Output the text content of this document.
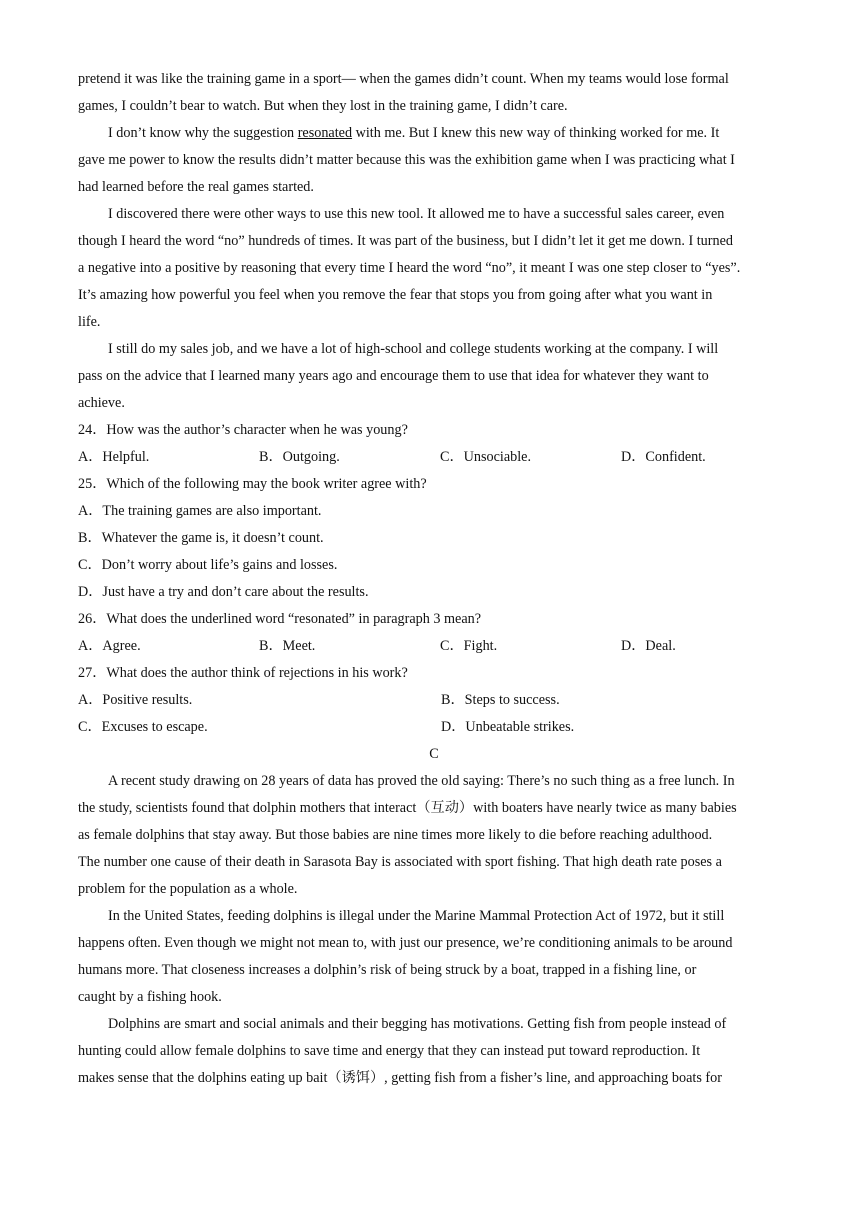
pretend it was like the training game in a sport— when the games didn’t count. When my teams would lose formal
games, I couldn’t bear to watch. But when they lost in the training game, I didn’t care.
I don’t know why the suggestion resonated with me. But I knew this new way of thinking worked for me. It
gave me power to know the results didn’t matter because this was the exhibition game when I was practicing what I
had learned before the real games started.
I discovered there were other ways to use this new tool. It allowed me to have a successful sales career, even
though I heard the word “no” hundreds of times. It was part of the business, but I didn’t let it get me down. I turned
a negative into a positive by reasoning that every time I heard the word “no”, it meant I was one step closer to “yes”.
It’s amazing how powerful you feel when you remove the fear that stops you from going after what you want in
life.
I still do my sales job, and we have a lot of high-school and college students working at the company. I will
pass on the advice that I learned many years ago and encourage them to use that idea for whatever they want to
achieve.
24．How was the author’s character when he was young?
A．Helpful.	B．Outgoing.	C．Unsociable.	D．Confident.
25．Which of the following may the book writer agree with?
A．The training games are also important.
B．Whatever the game is, it doesn’t count.
C．Don’t worry about life’s gains and losses.
D．Just have a try and don’t care about the results.
26．What does the underlined word “resonated” in paragraph 3 mean?
A．Agree.	B．Meet.	C．Fight.	D．Deal.
27．What does the author think of rejections in his work?
A．Positive results.	B．Steps to success.
C．Excuses to escape.	D．Unbeatable strikes.
C
A recent study drawing on 28 years of data has proved the old saying: There’s no such thing as a free lunch. In
the study, scientists found that dolphin mothers that interact（互动）with boaters have nearly twice as many babies
as female dolphins that stay away. But those babies are nine times more likely to die before reaching adulthood.
The number one cause of their death in Sarasota Bay is associated with sport fishing. That high death rate poses a
problem for the population as a whole.
In the United States, feeding dolphins is illegal under the Marine Mammal Protection Act of 1972, but it still
happens often. Even though we might not mean to, with just our presence, we’re conditioning animals to be around
humans more. That closeness increases a dolphin’s risk of being struck by a boat, trapped in a fishing line, or
caught by a fishing hook.
Dolphins are smart and social animals and their begging has motivations. Getting fish from people instead of
hunting could allow female dolphins to save time and energy that they can instead put toward reproduction. It
makes sense that the dolphins eating up bait（诱饵）, getting fish from a fisher’s line, and approaching boats for
